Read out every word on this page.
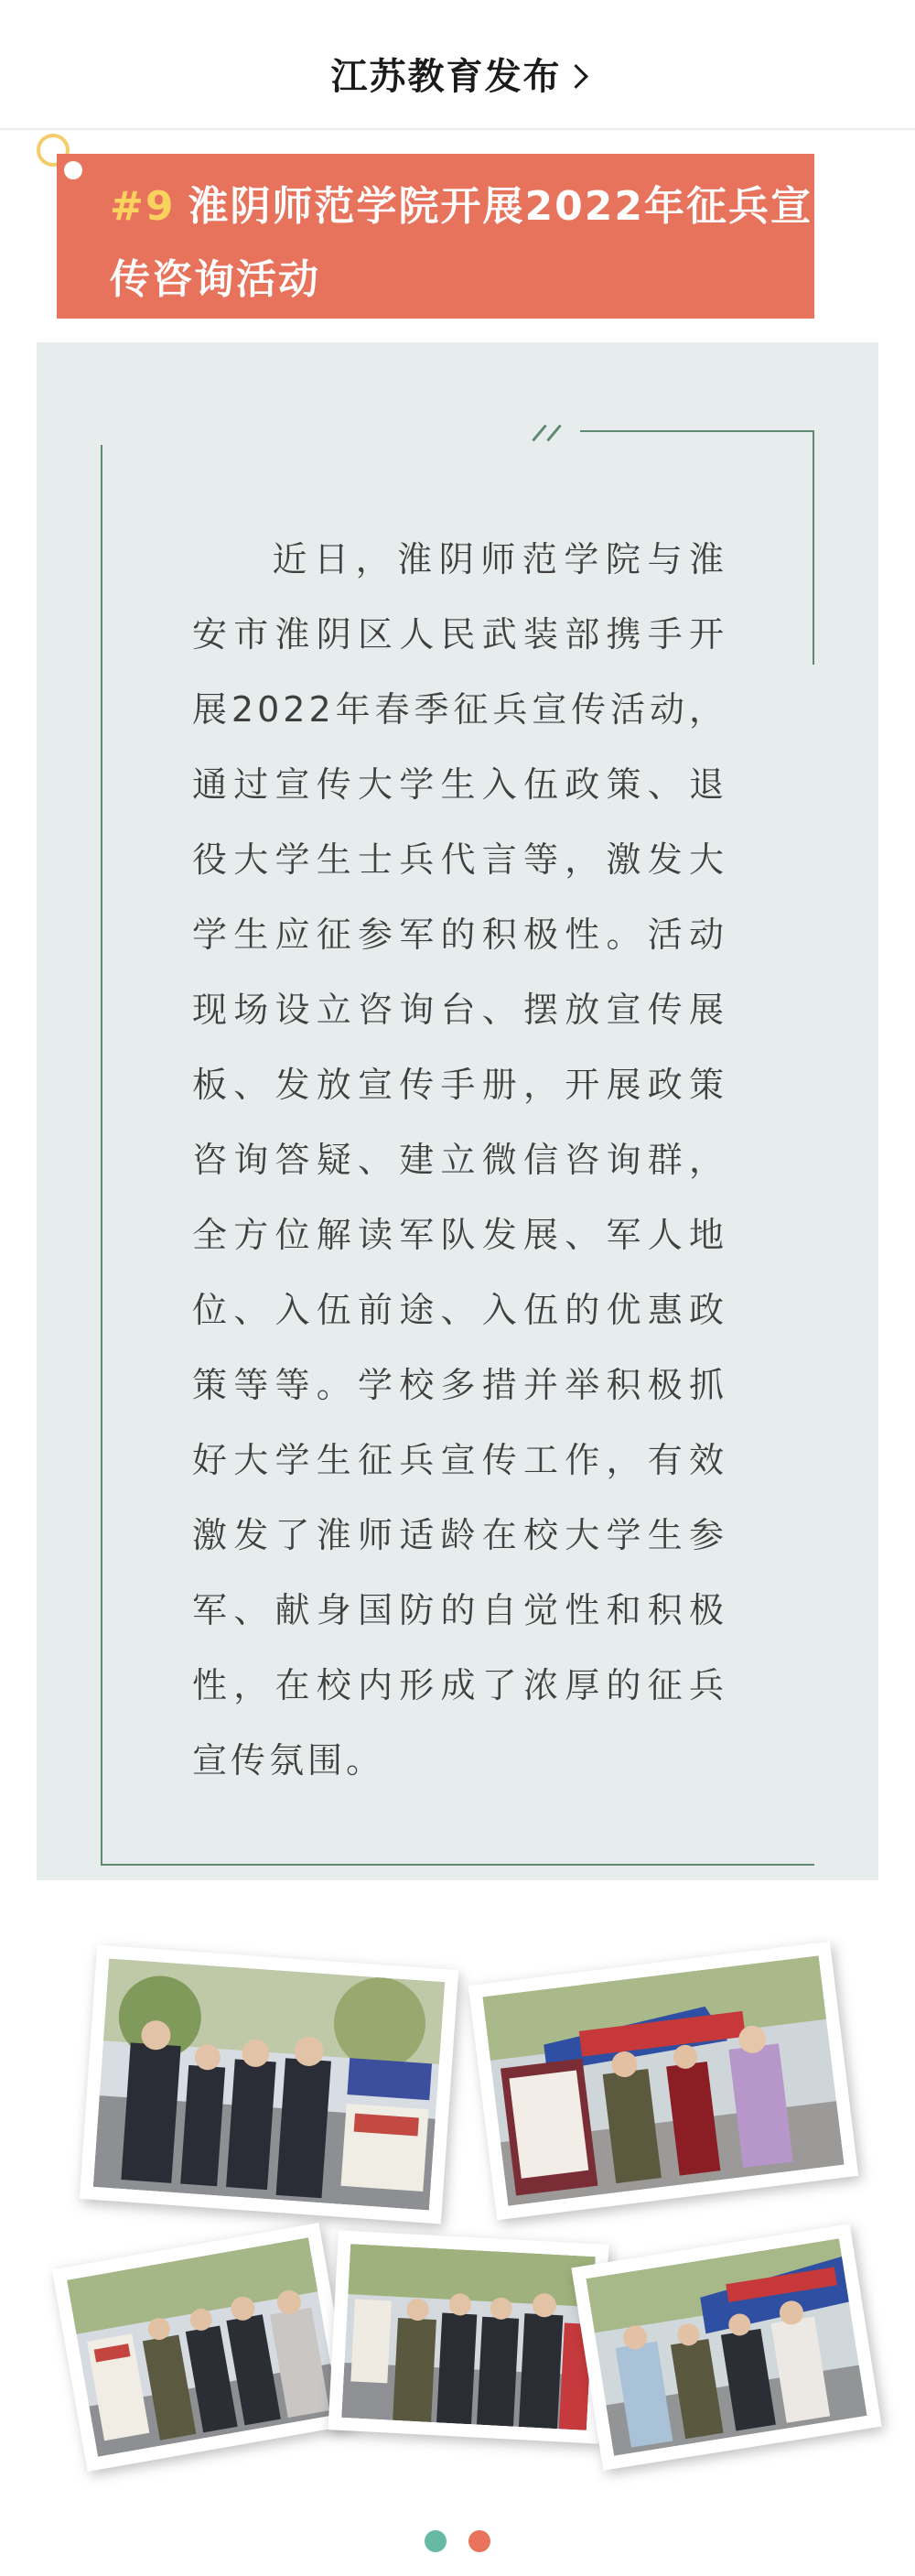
江苏教育发布
#9 淮阴师范学院开展2022年征兵宣传咨询活动

  近日，淮阴师范学院与淮安市淮阴区人民武装部携手开展2022年春季征兵宣传活动，通过宣传大学生入伍政策、退役大学生士兵代言等，激发大学生应征参军的积极性。活动现场设立咨询台、摆放宣传展板、发放宣传手册，开展政策咨询答疑、建立微信咨询群，全方位解读军队发展、军人地位、入伍前途、入伍的优惠政策等等。学校多措并举积极抓好大学生征兵宣传工作，有效激发了淮师适龄在校大学生参军、献身国防的自觉性和积极性，在校内形成了浓厚的征兵宣传氛围。
